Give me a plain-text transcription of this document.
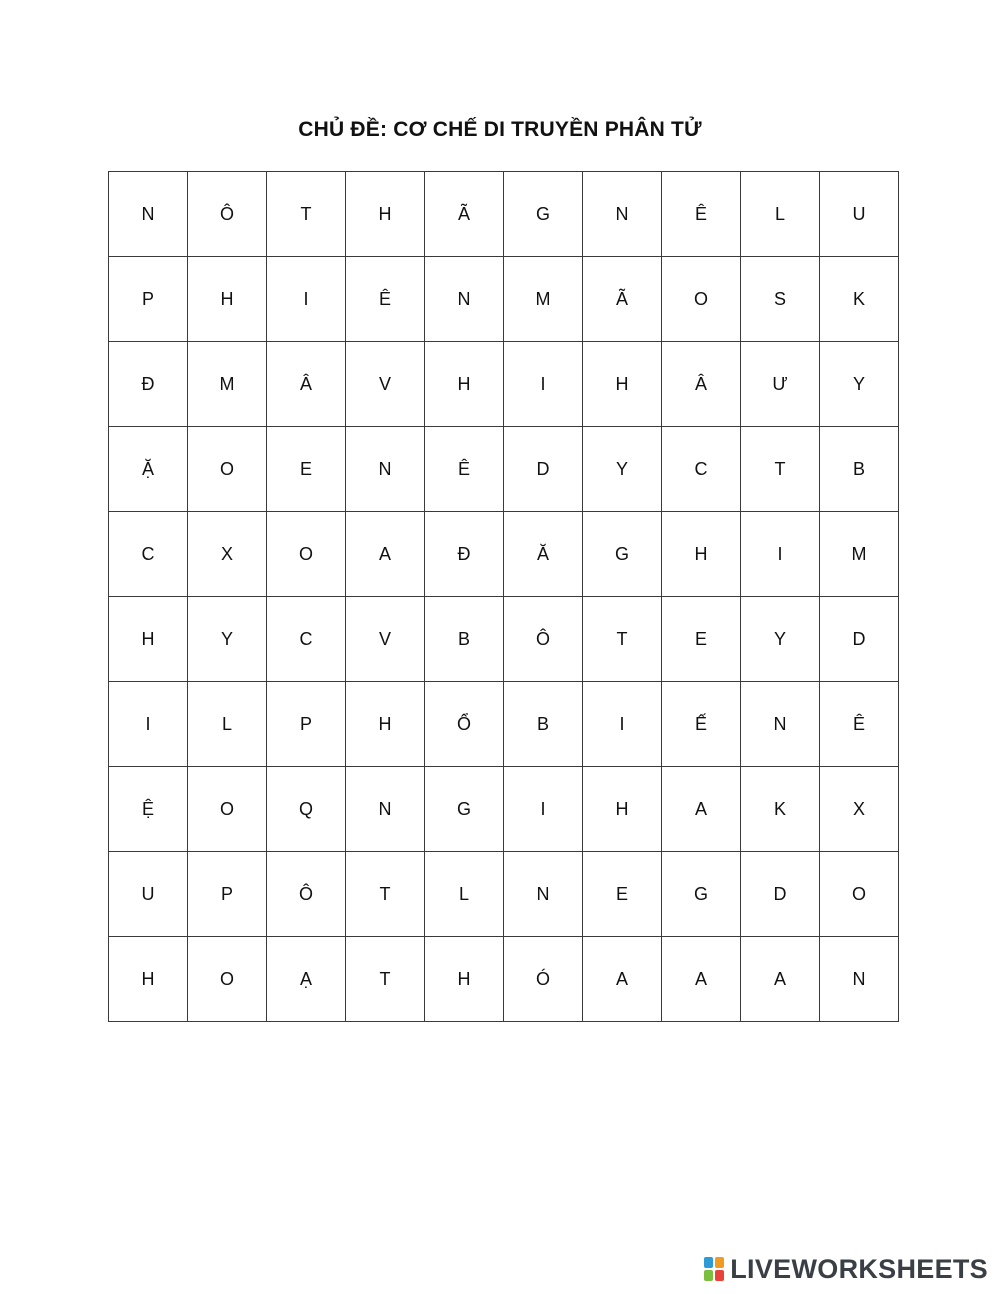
CHỦ ĐỀ: CƠ CHẾ DI TRUYỀN PHÂN TỬ
N	Ô	T	H	Ã	G	N	Ê	L	U
P	H	I	Ê	N	M	Ã	O	S	K
Đ	M	Â	V	H	I	H	Â	Ư	Y
Ặ	O	E	N	Ê	D	Y	C	T	B
C	X	O	A	Đ	Ă	G	H	I	M
H	Y	C	V	B	Ô	T	E	Y	D
I	L	P	H	Ổ	B	I	Ế	N	Ê
Ệ	O	Q	N	G	I	H	A	K	X
U	P	Ô	T	L	N	E	G	D	O
H	O	Ạ	T	H	Ó	A	A	A	N
LIVEWORKSHEETS
